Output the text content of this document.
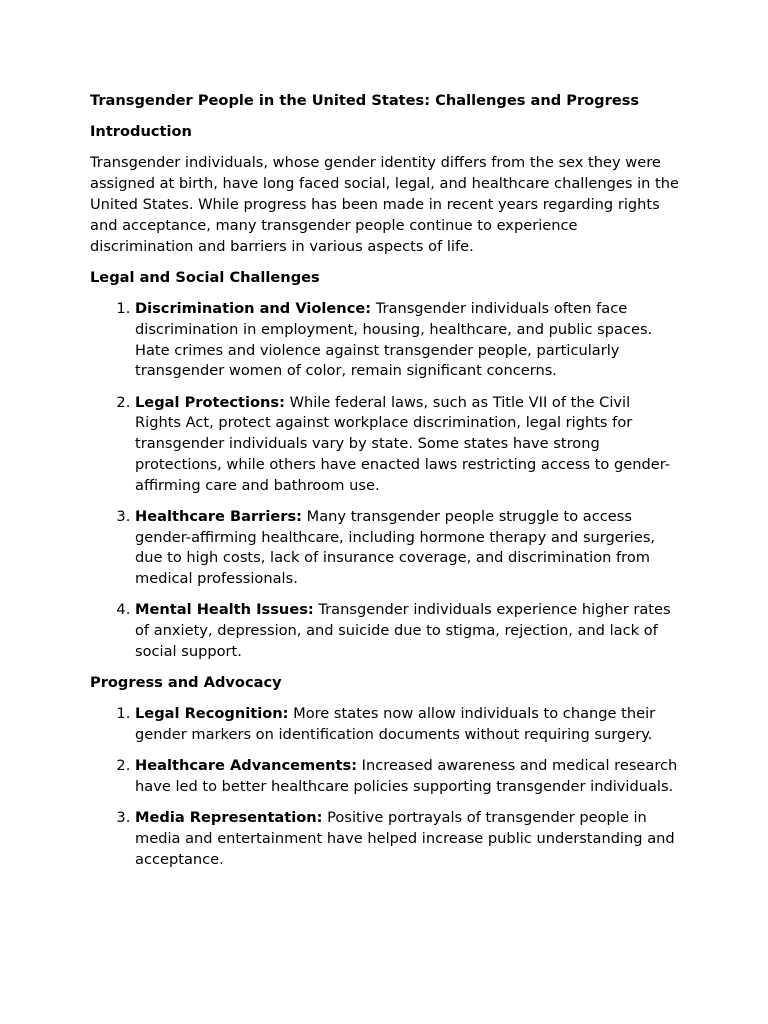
Transgender People in the United States: Challenges and Progress
Introduction

Transgender individuals, whose gender identity differs from the sex they were assigned at birth, have long faced social, legal, and healthcare challenges in the United States. While progress has been made in recent years regarding rights and acceptance, many transgender people continue to experience discrimination and barriers in various aspects of life.

Legal and Social Challenges
1. Discrimination and Violence: Transgender individuals often face discrimination in employment, housing, healthcare, and public spaces. Hate crimes and violence against transgender people, particularly transgender women of color, remain significant concerns.
2. Legal Protections: While federal laws, such as Title VII of the Civil Rights Act, protect against workplace discrimination, legal rights for transgender individuals vary by state. Some states have strong protections, while others have enacted laws restricting access to gender-affirming care and bathroom use.
3. Healthcare Barriers: Many transgender people struggle to access gender-affirming healthcare, including hormone therapy and surgeries, due to high costs, lack of insurance coverage, and discrimination from medical professionals.
4. Mental Health Issues: Transgender individuals experience higher rates of anxiety, depression, and suicide due to stigma, rejection, and lack of social support.
Progress and Advocacy
1. Legal Recognition: More states now allow individuals to change their gender markers on identification documents without requiring surgery.
2. Healthcare Advancements: Increased awareness and medical research have led to better healthcare policies supporting transgender individuals.
3. Media Representation: Positive portrayals of transgender people in media and entertainment have helped increase public understanding and acceptance.
